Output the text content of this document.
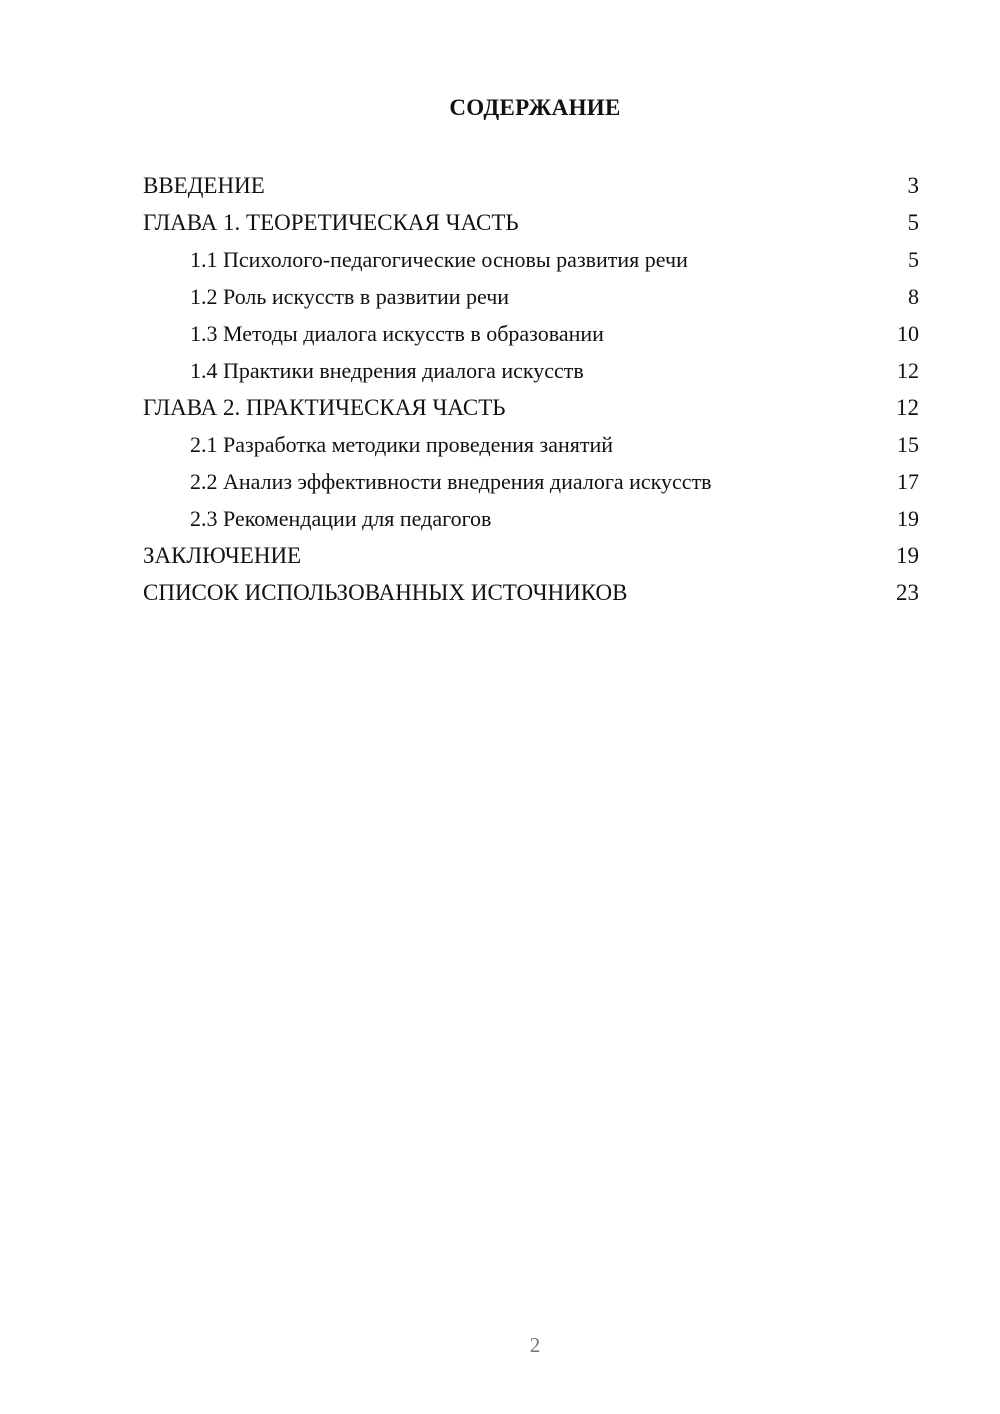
СОДЕРЖАНИЕ
ВВЕДЕНИЕ	3
ГЛАВА 1. ТЕОРЕТИЧЕСКАЯ ЧАСТЬ	5
1.1 Психолого-педагогические основы развития речи	5
1.2 Роль искусств в развитии речи	8
1.3 Методы диалога искусств в образовании	10
1.4 Практики внедрения диалога искусств	12
ГЛАВА 2. ПРАКТИЧЕСКАЯ ЧАСТЬ	12
2.1 Разработка методики проведения занятий	15
2.2 Анализ эффективности внедрения диалога искусств	17
2.3 Рекомендации для педагогов	19
ЗАКЛЮЧЕНИЕ	19
СПИСОК ИСПОЛЬЗОВАННЫХ ИСТОЧНИКОВ	23
2
